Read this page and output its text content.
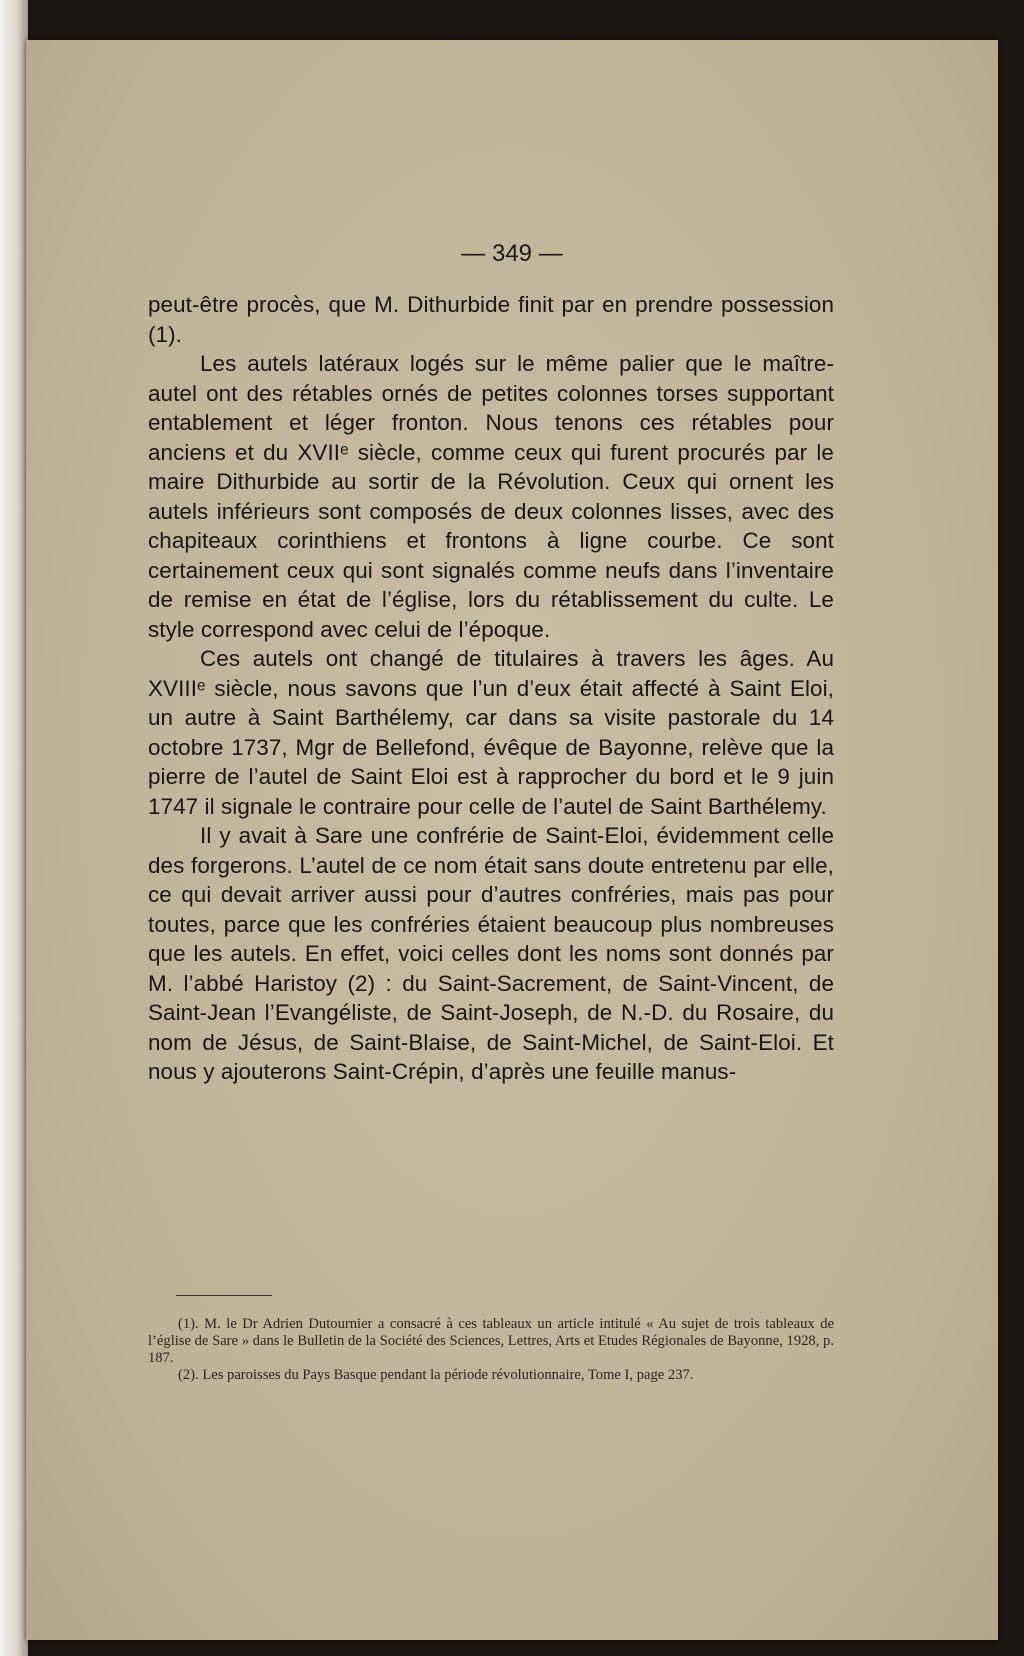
— 349 —

peut-être procès, que M. Dithurbide finit par en prendre possession (1).

Les autels latéraux logés sur le même palier que le maître-autel ont des rétables ornés de petites colonnes torses supportant entablement et léger fronton. Nous tenons ces rétables pour anciens et du XVIIᵉ siècle, comme ceux qui furent procurés par le maire Dithurbide au sortir de la Révolution. Ceux qui ornent les autels inférieurs sont composés de deux colonnes lisses, avec des chapiteaux corinthiens et frontons à ligne courbe. Ce sont certainement ceux qui sont signalés comme neufs dans l’inventaire de remise en état de l’église, lors du rétablissement du culte. Le style correspond avec celui de l’époque.

Ces autels ont changé de titulaires à travers les âges. Au XVIIIᵉ siècle, nous savons que l’un d’eux était affecté à Saint Eloi, un autre à Saint Barthélemy, car dans sa visite pastorale du 14 octobre 1737, Mgr de Bellefond, évêque de Bayonne, relève que la pierre de l’autel de Saint Eloi est à rapprocher du bord et le 9 juin 1747 il signale le contraire pour celle de l’autel de Saint Barthélemy.

Il y avait à Sare une confrérie de Saint-Eloi, évidemment celle des forgerons. L’autel de ce nom était sans doute entretenu par elle, ce qui devait arriver aussi pour d’autres confréries, mais pas pour toutes, parce que les confréries étaient beaucoup plus nombreuses que les autels. En effet, voici celles dont les noms sont donnés par M. l’abbé Haristoy (2) : du Saint-Sacrement, de Saint-Vincent, de Saint-Jean l’Evangéliste, de Saint-Joseph, de N.-D. du Rosaire, du nom de Jésus, de Saint-Blaise, de Saint-Michel, de Saint-Eloi. Et nous y ajouterons Saint-Crépin, d’après une feuille manus-

(1). M. le Dr Adrien Dutournier a consacré à ces tableaux un article intitulé « Au sujet de trois tableaux de l’église de Sare » dans le Bulletin de la Société des Sciences, Lettres, Arts et Etudes Régionales de Bayonne, 1928, p. 187.

(2). Les paroisses du Pays Basque pendant la période révolutionnaire, Tome I, page 237.
